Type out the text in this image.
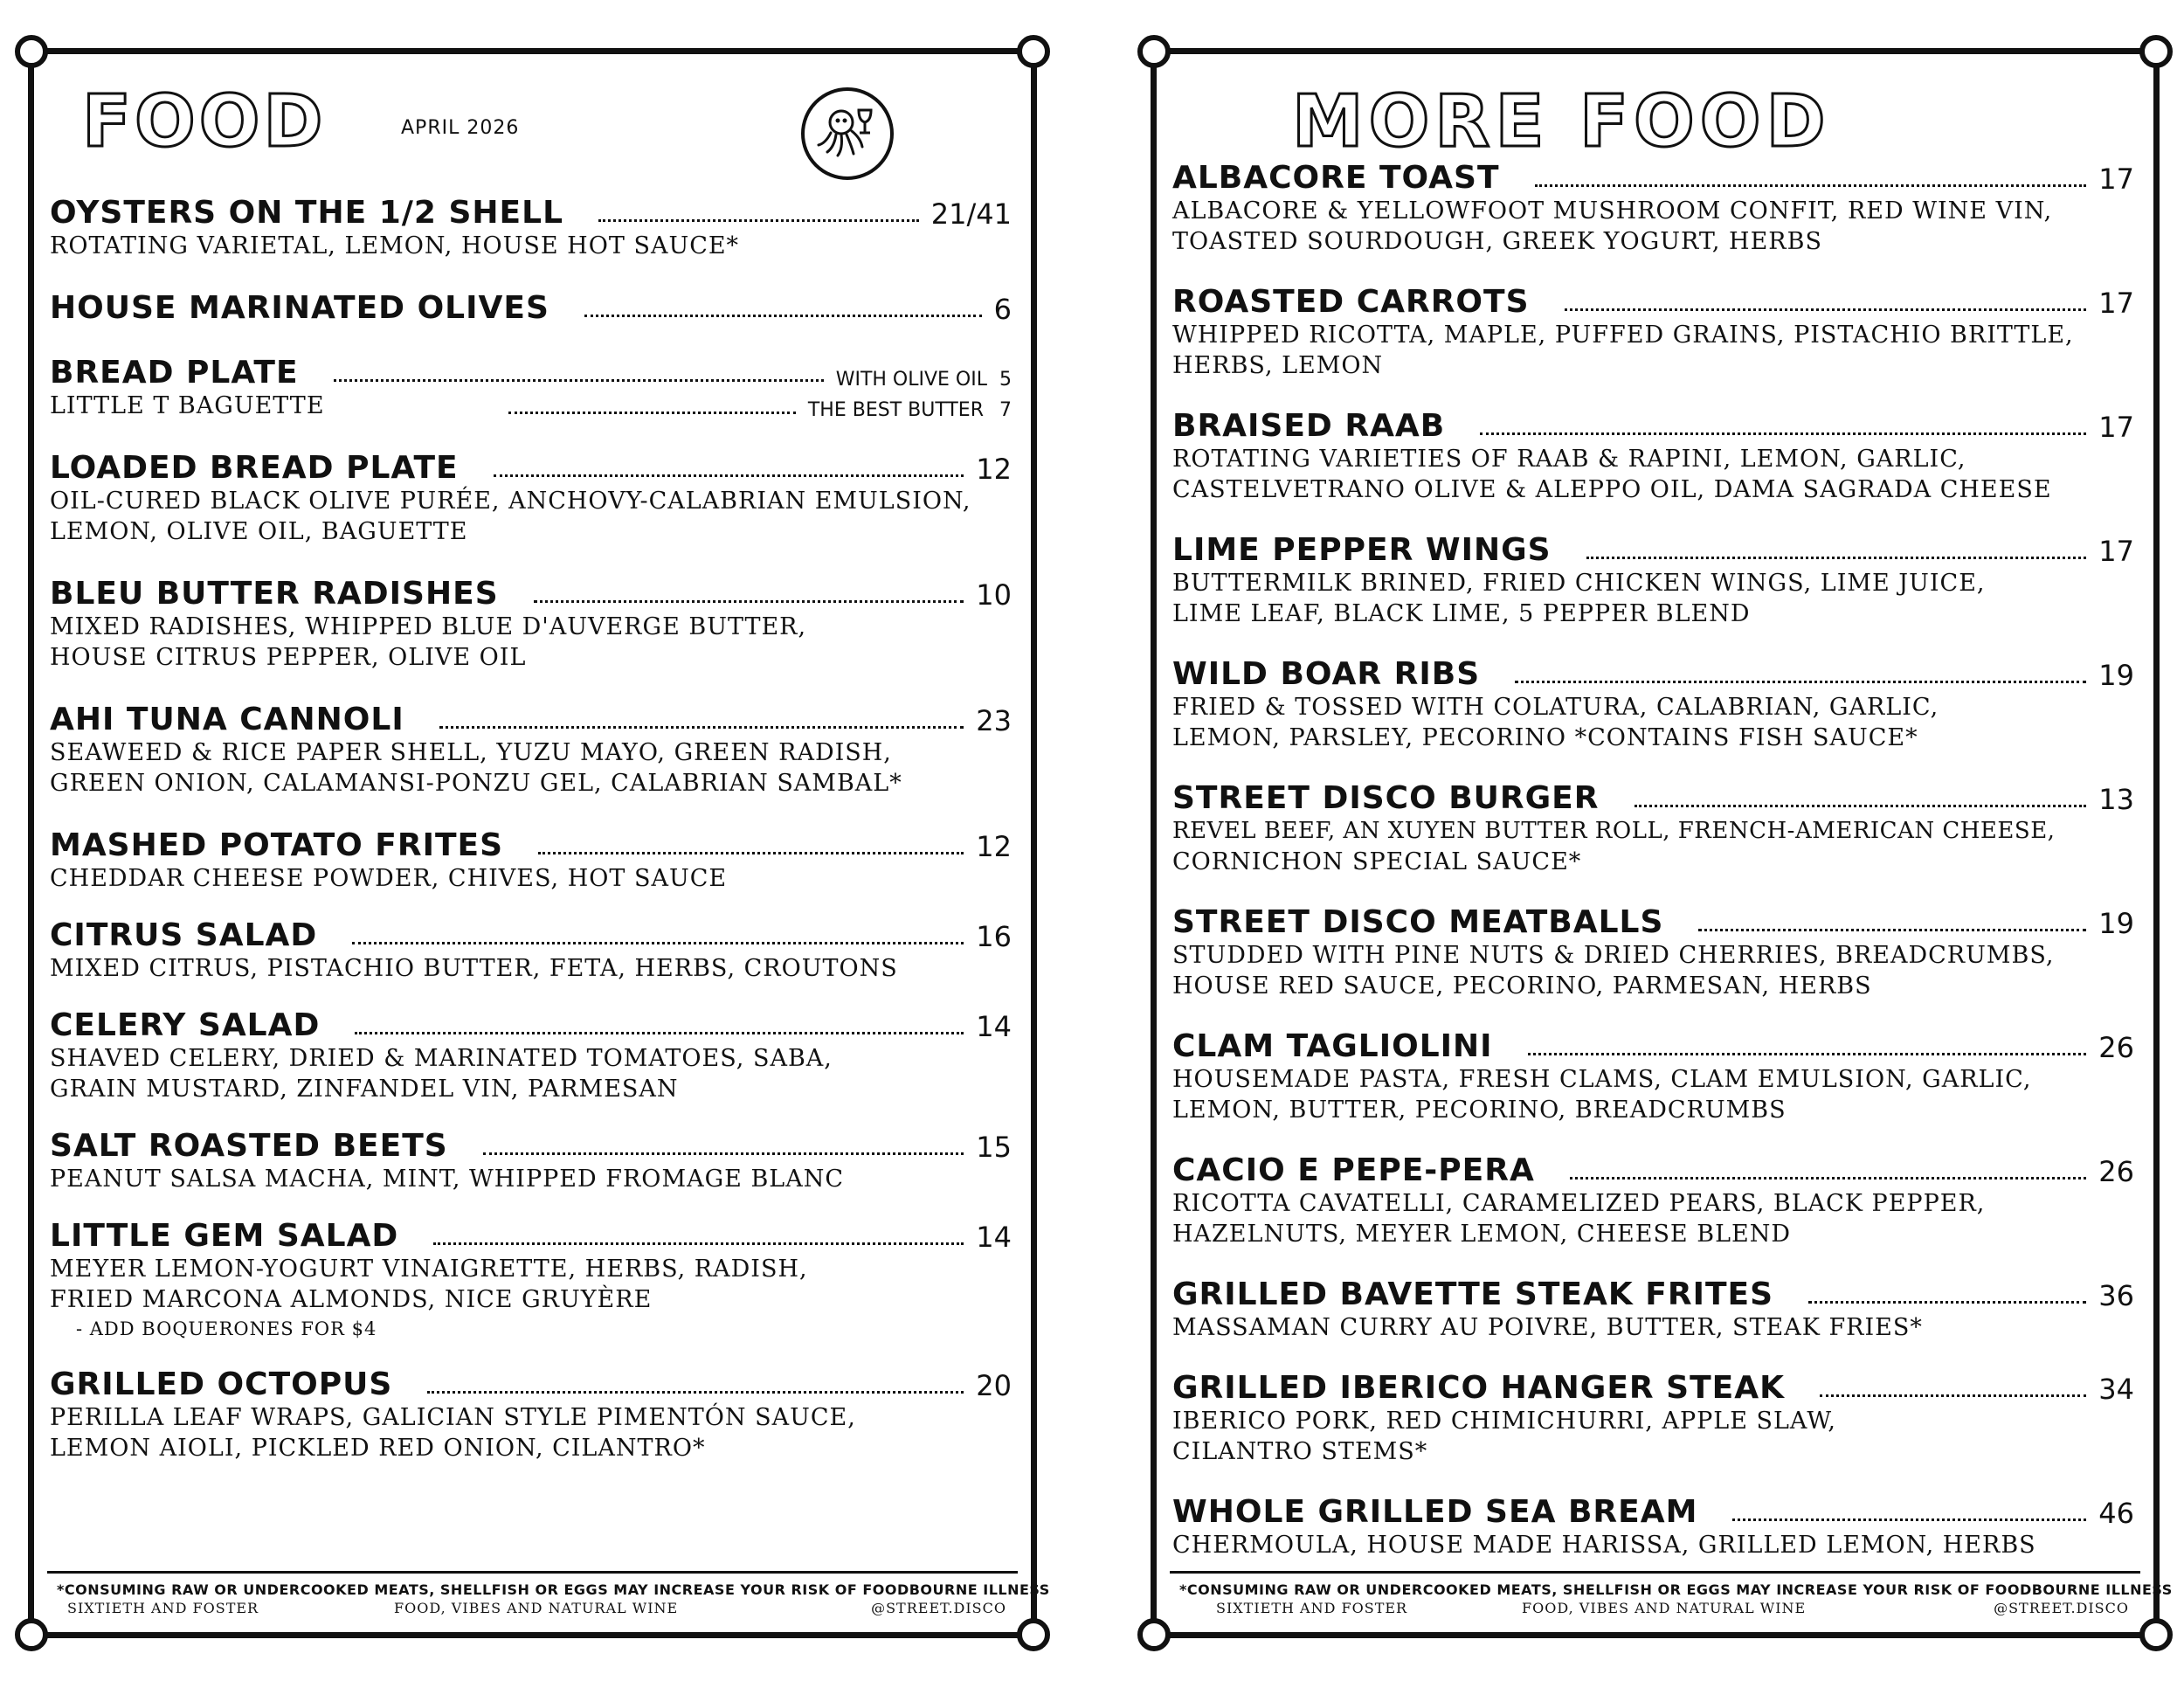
FOOD	APRIL 2026
OYSTERS ON THE 1/2 SHELL	21/41
ROTATING VARIETAL, LEMON, HOUSE HOT SAUCE*
HOUSE MARINATED OLIVES	6
BREAD PLATE	WITH OLIVE OIL 5
LITTLE T BAGUETTE	THE BEST BUTTER 7
LOADED BREAD PLATE	12
OIL-CURED BLACK OLIVE PURÉE, ANCHOVY-CALABRIAN EMULSION,
LEMON, OLIVE OIL, BAGUETTE
BLEU BUTTER RADISHES	10
MIXED RADISHES, WHIPPED BLUE D'AUVERGE BUTTER,
HOUSE CITRUS PEPPER, OLIVE OIL
AHI TUNA CANNOLI	23
SEAWEED & RICE PAPER SHELL, YUZU MAYO, GREEN RADISH,
GREEN ONION, CALAMANSI-PONZU GEL, CALABRIAN SAMBAL*
MASHED POTATO FRITES	12
CHEDDAR CHEESE POWDER, CHIVES, HOT SAUCE
CITRUS SALAD	16
MIXED CITRUS, PISTACHIO BUTTER, FETA, HERBS, CROUTONS
CELERY SALAD	14
SHAVED CELERY, DRIED & MARINATED TOMATOES, SABA,
GRAIN MUSTARD, ZINFANDEL VIN, PARMESAN
SALT ROASTED BEETS	15
PEANUT SALSA MACHA, MINT, WHIPPED FROMAGE BLANC
LITTLE GEM SALAD	14
MEYER LEMON-YOGURT VINAIGRETTE, HERBS, RADISH,
FRIED MARCONA ALMONDS, NICE GRUYÈRE
- ADD BOQUERONES FOR $4
GRILLED OCTOPUS	20
PERILLA LEAF WRAPS, GALICIAN STYLE PIMENTÓN SAUCE,
LEMON AIOLI, PICKLED RED ONION, CILANTRO*
*CONSUMING RAW OR UNDERCOOKED MEATS, SHELLFISH OR EGGS MAY INCREASE YOUR RISK OF FOODBOURNE ILLNESS
SIXTIETH AND FOSTER	FOOD, VIBES AND NATURAL WINE	@STREET.DISCO
MORE FOOD
ALBACORE TOAST	17
ALBACORE & YELLOWFOOT MUSHROOM CONFIT, RED WINE VIN,
TOASTED SOURDOUGH, GREEK YOGURT, HERBS
ROASTED CARROTS	17
WHIPPED RICOTTA, MAPLE, PUFFED GRAINS, PISTACHIO BRITTLE,
HERBS, LEMON
BRAISED RAAB	17
ROTATING VARIETIES OF RAAB & RAPINI, LEMON, GARLIC,
CASTELVETRANO OLIVE & ALEPPO OIL, DAMA SAGRADA CHEESE
LIME PEPPER WINGS	17
BUTTERMILK BRINED, FRIED CHICKEN WINGS, LIME JUICE,
LIME LEAF, BLACK LIME, 5 PEPPER BLEND
WILD BOAR RIBS	19
FRIED & TOSSED WITH COLATURA, CALABRIAN, GARLIC,
LEMON, PARSLEY, PECORINO *CONTAINS FISH SAUCE*
STREET DISCO BURGER	13
REVEL BEEF, AN XUYEN BUTTER ROLL, FRENCH-AMERICAN CHEESE,
CORNICHON SPECIAL SAUCE*
STREET DISCO MEATBALLS	19
STUDDED WITH PINE NUTS & DRIED CHERRIES, BREADCRUMBS,
HOUSE RED SAUCE, PECORINO, PARMESAN, HERBS
CLAM TAGLIOLINI	26
HOUSEMADE PASTA, FRESH CLAMS, CLAM EMULSION, GARLIC,
LEMON, BUTTER, PECORINO, BREADCRUMBS
CACIO E PEPE-PERA	26
RICOTTA CAVATELLI, CARAMELIZED PEARS, BLACK PEPPER,
HAZELNUTS, MEYER LEMON, CHEESE BLEND
GRILLED BAVETTE STEAK FRITES	36
MASSAMAN CURRY AU POIVRE, BUTTER, STEAK FRIES*
GRILLED IBERICO HANGER STEAK	34
IBERICO PORK, RED CHIMICHURRI, APPLE SLAW,
CILANTRO STEMS*
WHOLE GRILLED SEA BREAM	46
CHERMOULA, HOUSE MADE HARISSA, GRILLED LEMON, HERBS
*CONSUMING RAW OR UNDERCOOKED MEATS, SHELLFISH OR EGGS MAY INCREASE YOUR RISK OF FOODBOURNE ILLNESS
SIXTIETH AND FOSTER	FOOD, VIBES AND NATURAL WINE	@STREET.DISCO
